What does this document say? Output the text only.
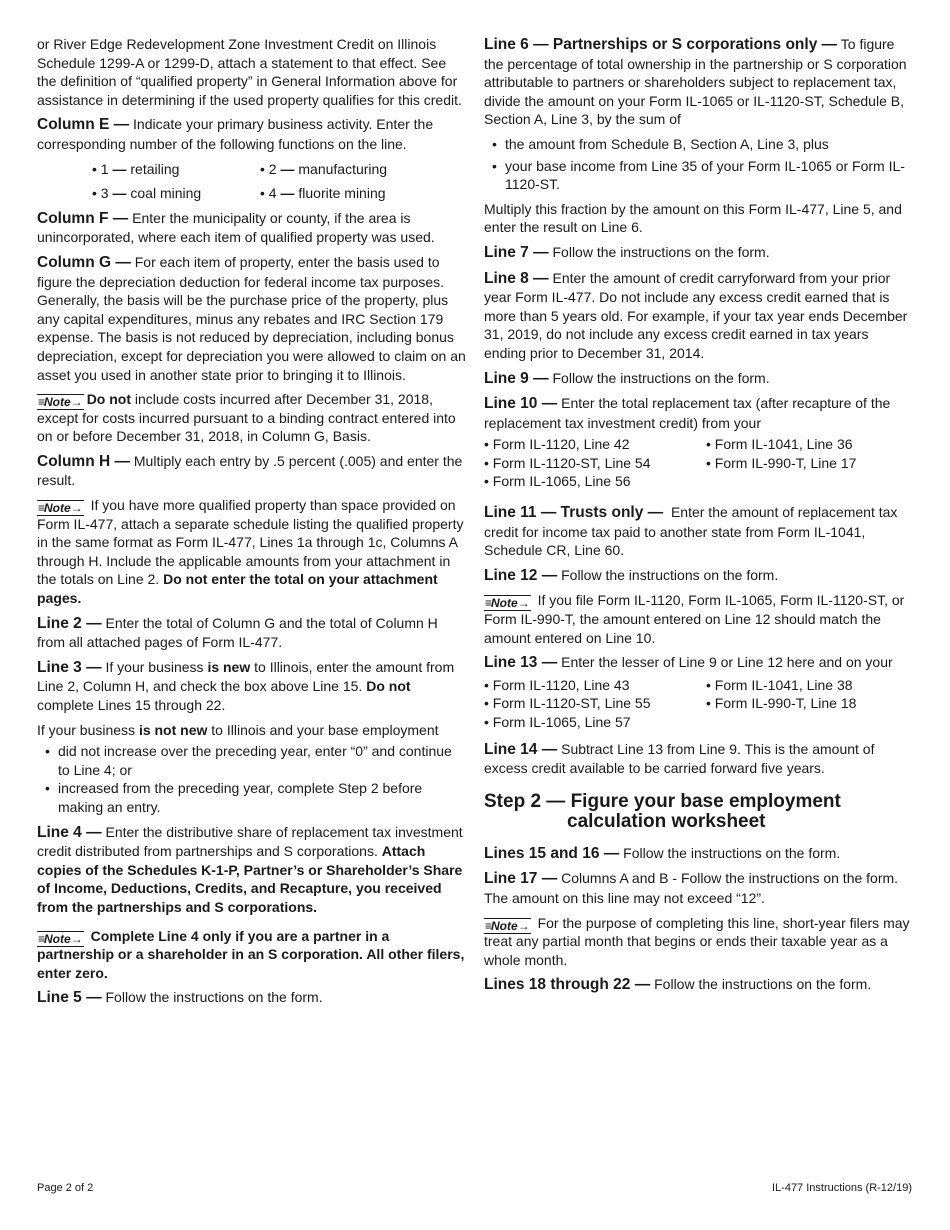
or River Edge Redevelopment Zone Investment Credit on Illinois Schedule 1299-A or 1299-D, attach a statement to that effect. See the definition of “qualified property” in General Information above for assistance in determining if the used property qualifies for this credit.

Column E — Indicate your primary business activity. Enter the corresponding number of the following functions on the line.

• 1 — retailing	• 2 — manufacturing
• 3 — coal mining	• 4 — fluorite mining

Column F — Enter the municipality or county, if the area is unincorporated, where each item of qualified property was used.

Column G — For each item of property, enter the basis used to figure the depreciation deduction for federal income tax purposes. Generally, the basis will be the purchase price of the property, plus any capital expenditures, minus any rebates and IRC Section 179 expense. The basis is not reduced by depreciation, including bonus depreciation, except for depreciation you were allowed to claim on an asset you used in another state prior to bringing it to Illinois.

≡Note→ Do not include costs incurred after December 31, 2018, except for costs incurred pursuant to a binding contract entered into on or before December 31, 2018, in Column G, Basis.

Column H — Multiply each entry by .5 percent (.005) and enter the result.

≡Note→ If you have more qualified property than space provided on Form IL-477, attach a separate schedule listing the qualified property in the same format as Form IL-477, Lines 1a through 1c, Columns A through H. Include the applicable amounts from your attachment in the totals on Line 2. Do not enter the total on your attachment pages.

Line 2 — Enter the total of Column G and the total of Column H from all attached pages of Form IL-477.

Line 3 — If your business is new to Illinois, enter the amount from Line 2, Column H, and check the box above Line 15. Do not complete Lines 15 through 22.

If your business is not new to Illinois and your base employment

• did not increase over the preceding year, enter “0” and continue to Line 4; or
• increased from the preceding year, complete Step 2 before making an entry.

Line 4 — Enter the distributive share of replacement tax investment credit distributed from partnerships and S corporations. Attach copies of the Schedules K-1-P, Partner’s or Shareholder’s Share of Income, Deductions, Credits, and Recapture, you received from the partnerships and S corporations.

≡Note→ Complete Line 4 only if you are a partner in a partnership or a shareholder in an S corporation. All other filers, enter zero.

Line 5 — Follow the instructions on the form.

Line 6 — Partnerships or S corporations only — To figure the percentage of total ownership in the partnership or S corporation attributable to partners or shareholders subject to replacement tax, divide the amount on your Form IL-1065 or IL-1120-ST, Schedule B, Section A, Line 3, by the sum of

• the amount from Schedule B, Section A, Line 3, plus
• your base income from Line 35 of your Form IL-1065 or Form IL-1120-ST.

Multiply this fraction by the amount on this Form IL-477, Line 5, and enter the result on Line 6.

Line 7 — Follow the instructions on the form.

Line 8 — Enter the amount of credit carryforward from your prior year Form IL-477. Do not include any excess credit earned that is more than 5 years old. For example, if your tax year ends December 31, 2019, do not include any excess credit earned in tax years ending prior to December 31, 2014.

Line 9 — Follow the instructions on the form.

Line 10 — Enter the total replacement tax (after recapture of the replacement tax investment credit) from your

• Form IL-1120, Line 42	• Form IL-1041, Line 36
• Form IL-1120-ST, Line 54	• Form IL-990-T, Line 17
• Form IL-1065, Line 56

Line 11 — Trusts only —  Enter the amount of replacement tax credit for income tax paid to another state from Form IL-1041, Schedule CR, Line 60.

Line 12 — Follow the instructions on the form.

≡Note→ If you file Form IL-1120, Form IL-1065, Form IL-1120-ST, or Form IL-990-T, the amount entered on Line 12 should match the amount entered on Line 10.

Line 13 — Enter the lesser of Line 9 or Line 12 here and on your

• Form IL-1120, Line 43	• Form IL-1041, Line 38
• Form IL-1120-ST, Line 55	• Form IL-990-T, Line 18
• Form IL-1065, Line 57

Line 14 — Subtract Line 13 from Line 9. This is the amount of excess credit available to be carried forward five years.

Step 2 — Figure your base employment
calculation worksheet

Lines 15 and 16 — Follow the instructions on the form.

Line 17 — Columns A and B - Follow the instructions on the form. The amount on this line may not exceed “12”.

≡Note→ For the purpose of completing this line, short-year filers may treat any partial month that begins or ends their taxable year as a whole month.

Lines 18 through 22 — Follow the instructions on the form.

Page 2 of 2	IL-477 Instructions (R-12/19)
